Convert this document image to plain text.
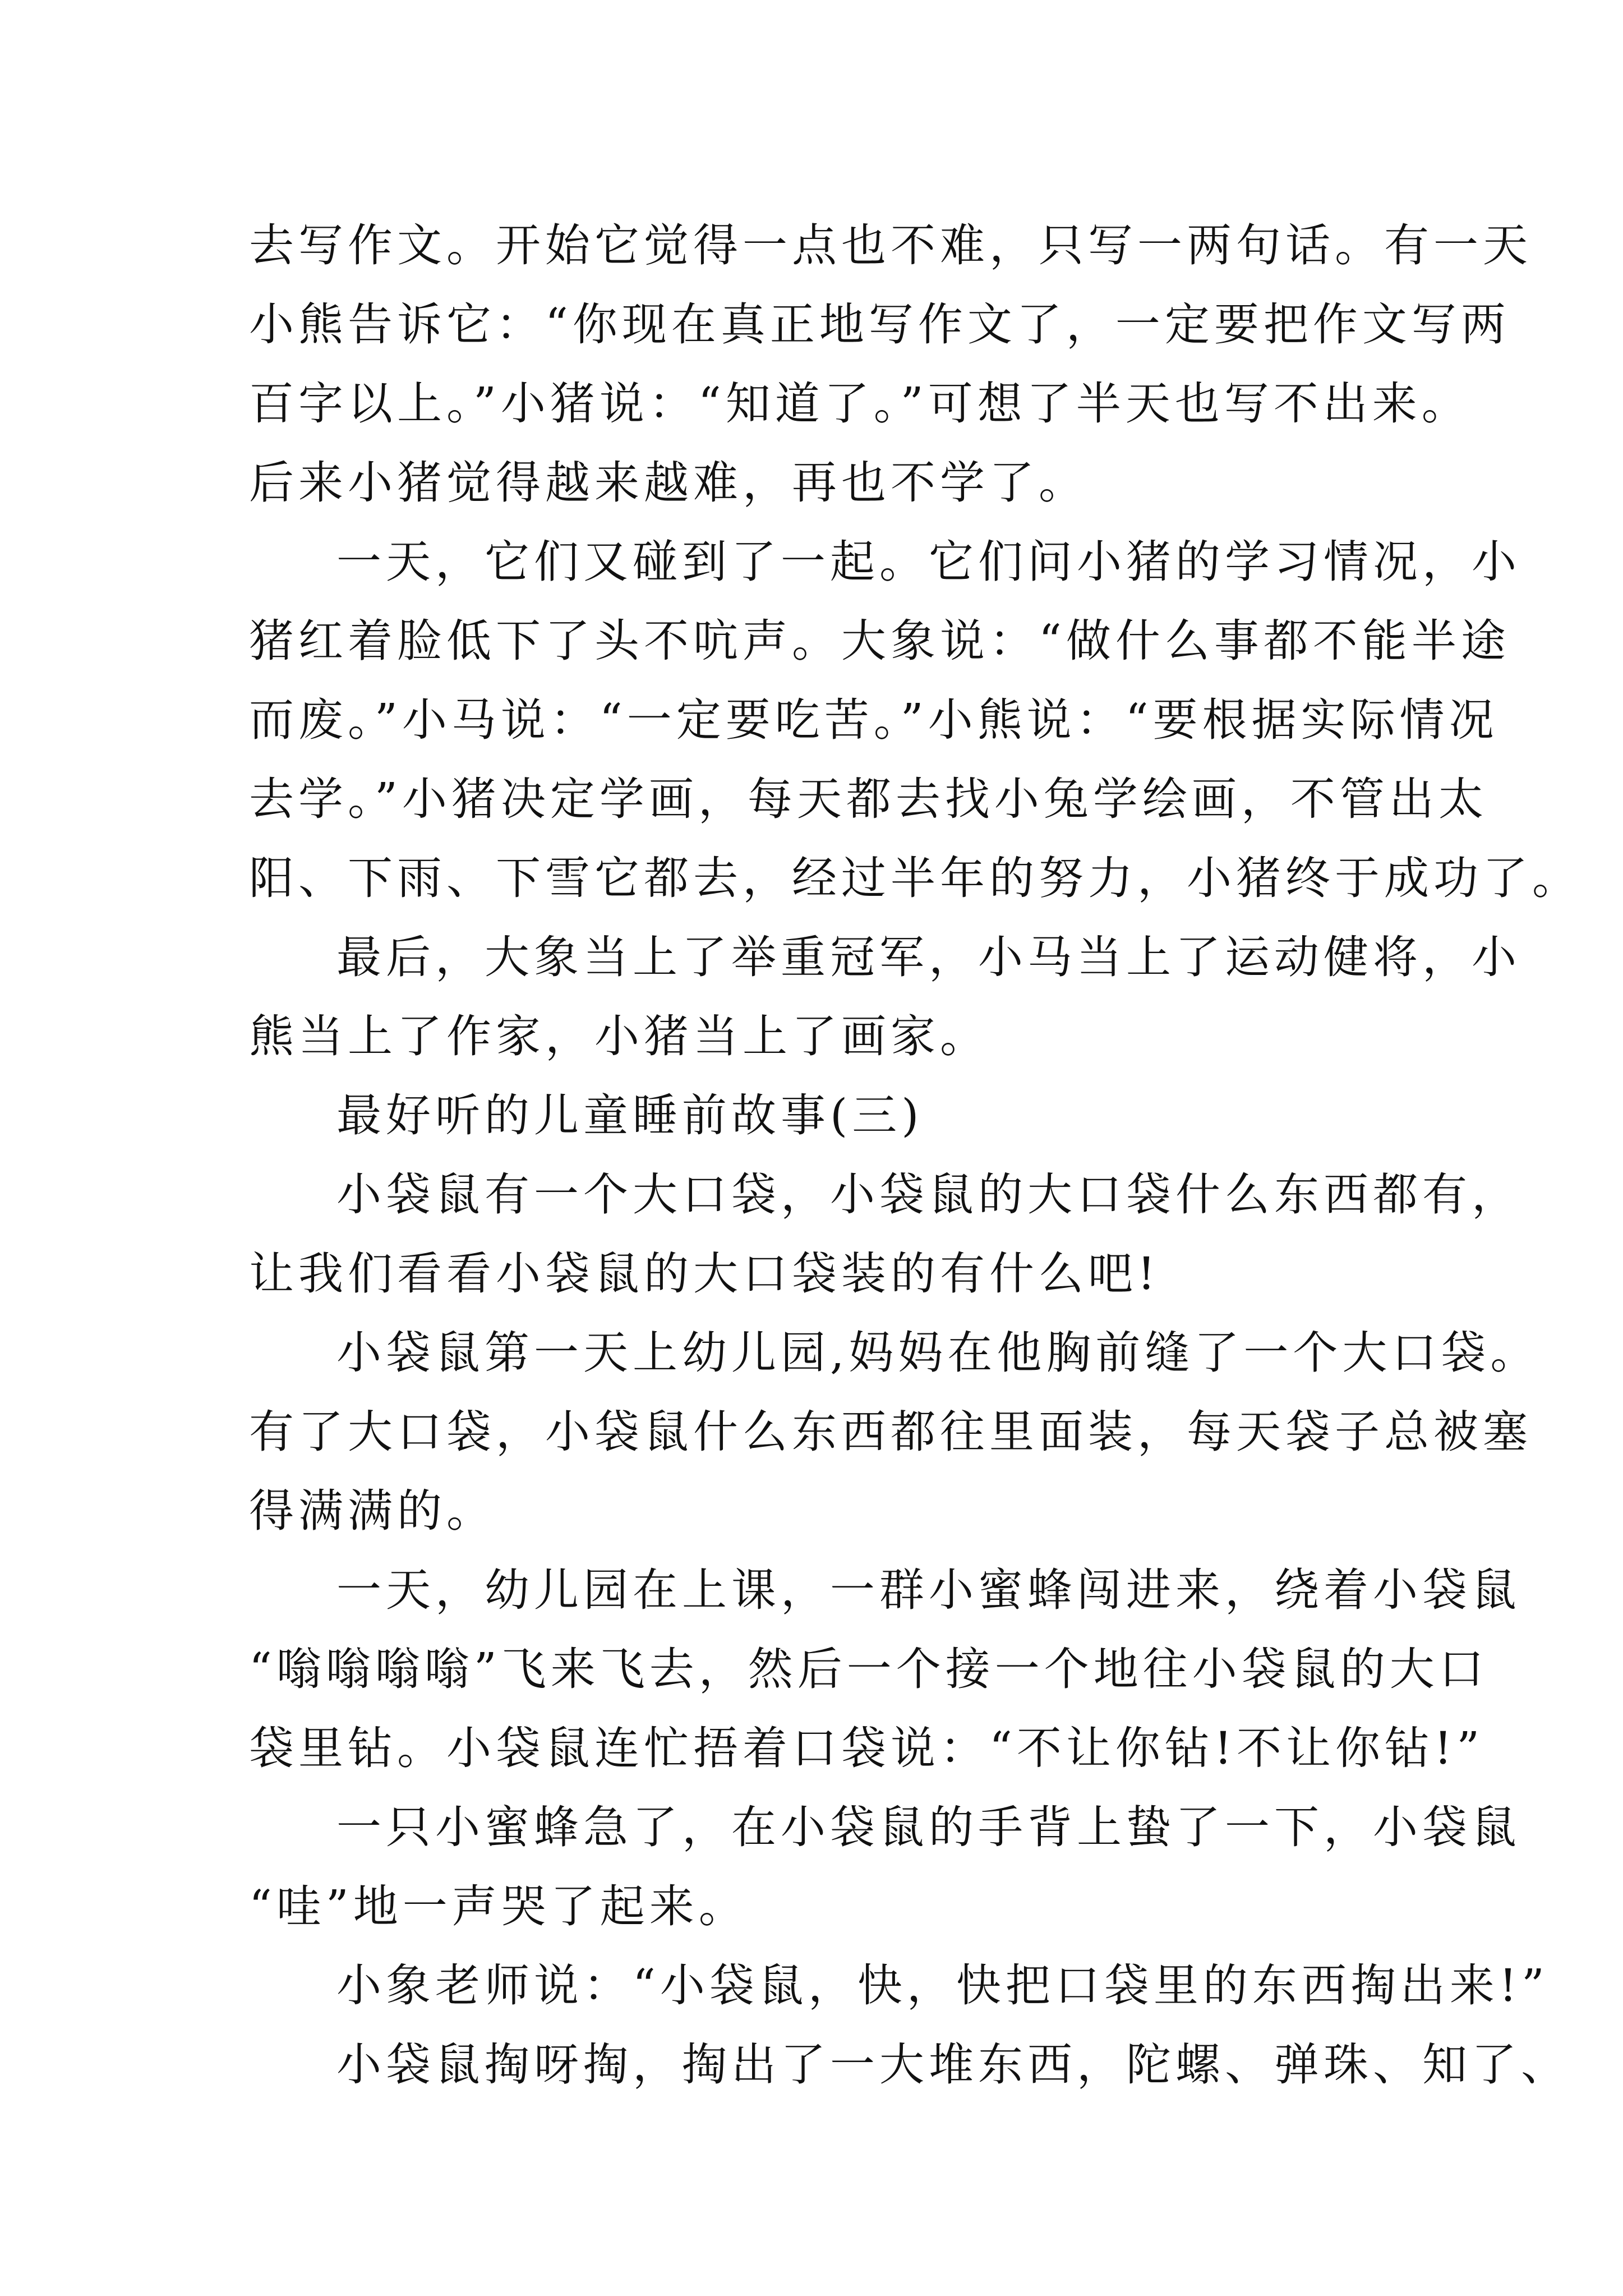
去写作文。开始它觉得一点也不难，只写一两句话。有一天
小熊告诉它：“你现在真正地写作文了，一定要把作文写两
百字以上。”小猪说：“知道了。”可想了半天也写不出来。
后来小猪觉得越来越难，再也不学了。
一天，它们又碰到了一起。它们问小猪的学习情况，小
猪红着脸低下了头不吭声。大象说：“做什么事都不能半途
而废。”小马说：“一定要吃苦。”小熊说：“要根据实际情况
去学。”小猪决定学画，每天都去找小兔学绘画，不管出太
阳、下雨、下雪它都去，经过半年的努力，小猪终于成功了。
最后，大象当上了举重冠军，小马当上了运动健将，小
熊当上了作家，小猪当上了画家。
最好听的儿童睡前故事(三)
小袋鼠有一个大口袋，小袋鼠的大口袋什么东西都有，
让我们看看小袋鼠的大口袋装的有什么吧!
小袋鼠第一天上幼儿园,妈妈在他胸前缝了一个大口袋。
有了大口袋，小袋鼠什么东西都往里面装，每天袋子总被塞
得满满的。
一天，幼儿园在上课，一群小蜜蜂闯进来，绕着小袋鼠
“嗡嗡嗡嗡”飞来飞去，然后一个接一个地往小袋鼠的大口
袋里钻。小袋鼠连忙捂着口袋说：“不让你钻!不让你钻!”
一只小蜜蜂急了，在小袋鼠的手背上蛰了一下，小袋鼠
“哇”地一声哭了起来。
小象老师说：“小袋鼠，快，快把口袋里的东西掏出来!”
小袋鼠掏呀掏，掏出了一大堆东西，陀螺、弹珠、知了、
